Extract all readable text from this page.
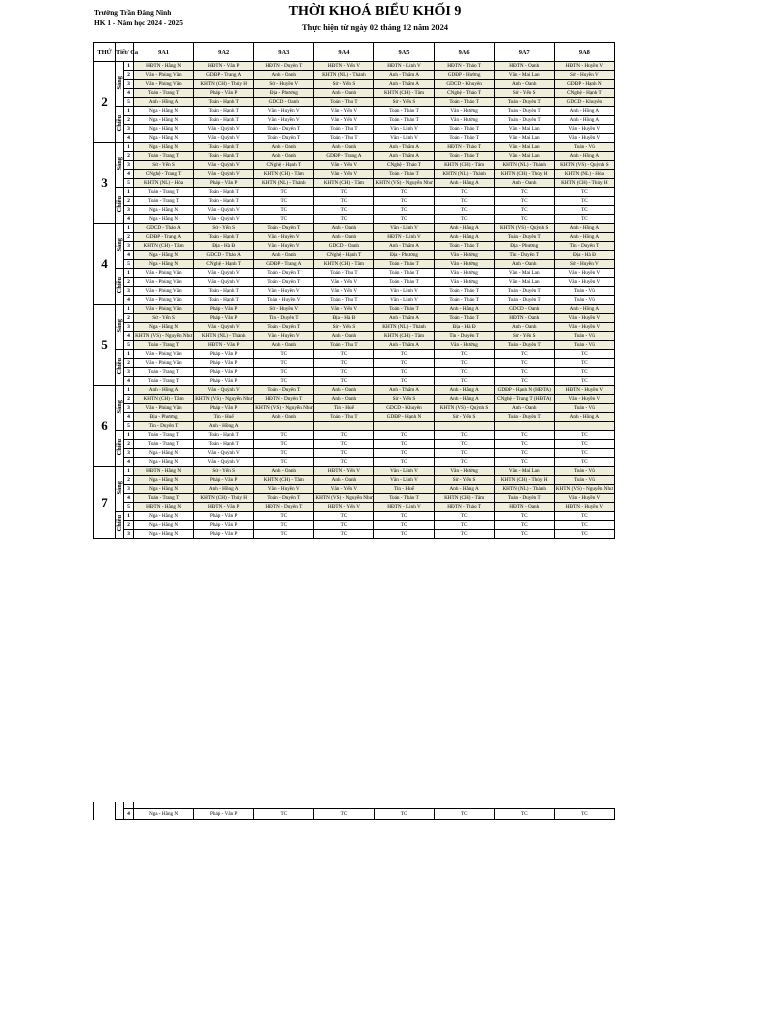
Trường Trần Đăng Ninh
HK 1 - Năm học 2024 - 2025
THỜI KHOÁ BIỂU KHỐI 9
Thực hiện từ ngày 02 tháng 12 năm 2024
THỨ	Tiết/ Ca		9A1	9A2	9A3	9A4	9A5	9A6	9A7	9A8
2	Sáng	1	HĐTN - Hằng N	HĐTN - Văn P	HĐTN - Duyên T	HĐTN - Yến V	HĐTN - Linh V	HĐTN - Thảo T	HĐTN - Oanh	HĐTN - Huyền V
		2	Văn - Phùng Vân	GDĐP - Trang A	Anh - Oanh	KHTN (NL) - Thành	Anh - Thắm A	GDĐP - Hường	Văn - Mai Lan	Sử - Huyền V
		3	Văn - Phùng Vân	KHTN (CH) - Thủy H	Sử - Huyền V	Sử - Yến S	Anh - Thắm A	GDCD - Khuyên	Anh - Oanh	GDĐP - Hạnh N
		4	Toán - Trang T	Pháp - Văn P	Địa - Phương	Anh - Oanh	KHTN (CH) - Tâm	CNghệ - Thảo T	Sử - Yến S	CNghệ - Hạnh T
		5	Anh - Hồng A	Toán - Hạnh T	GDCD - Oanh	Toán - Thu T	Sử - Yến S	Toán - Thảo T	Toán - Duyên T	GDCD - Khuyên
	Chiều	1	Nga - Hằng N	Toán - Hạnh T	Văn - Huyền V	Văn - Yến V	Toán - Thảo T	Văn - Hường	Toán - Duyên T	Anh - Hồng A
		2	Nga - Hằng N	Toán - Hạnh T	Văn - Huyền V	Văn - Yến V	Toán - Thảo T	Văn - Hường	Toán - Duyên T	Anh - Hồng A
		3	Nga - Hằng N	Văn - Quỳnh V	Toán - Duyên T	Toán - Thu T	Văn - Linh V	Toán - Thảo T	Văn - Mai Lan	Văn - Huyền V
		4	Nga - Hằng N	Văn - Quỳnh V	Toán - Duyên T	Toán - Thu T	Văn - Linh V	Toán - Thảo T	Văn - Mai Lan	Văn - Huyền V
3	Sáng	1	Nga - Hằng N	Toán - Hạnh T	Anh - Oanh	Anh - Oanh	Anh - Thắm A	HĐTN - Thảo T	Văn - Mai Lan	Toán - Vũ
		2	Toán - Trang T	Toán - Hạnh T	Anh - Oanh	GDĐP - Trang A	Anh - Thắm A	Toán - Thảo T	Văn - Mai Lan	Anh - Hồng A
		3	Sử - Yến S	Văn - Quỳnh V	CNghệ - Hạnh T	Văn - Yến V	CNghệ - Thảo T	KHTN (CH) - Tâm	KHTN (NL) - Thành	KHTN (VS) - Quỳnh S
		4	CNghệ - Trang T	Văn - Quỳnh V	KHTN (CH) - Tâm	Văn - Yến V	Toán - Thảo T	KHTN (NL) - Thành	KHTN (CH) - Thủy H	KHTN (NL) - Hòa
		5	KHTN (NL) - Hòa	Pháp - Văn P	KHTN (NL) - Thành	KHTN (CH) - Tâm	KHTN (VS) - Nguyễn Như	Anh - Hằng A	Anh - Oanh	KHTN (CH) - Thủy H
	Chiều	1	Toán - Trang T	Toán - Hạnh T	TC	TC	TC	TC	TC	TC
		2	Toán - Trang T	Toán - Hạnh T	TC	TC	TC	TC	TC	TC
		3	Nga - Hằng N	Văn - Quỳnh V	TC	TC	TC	TC	TC	TC
		4	Nga - Hằng N	Văn - Quỳnh V	TC	TC	TC	TC	TC	TC
4	Sáng	1	GDCD - Thảo A	Sử - Yến S	Toán - Duyên T	Anh - Oanh	Văn - Linh V	Anh - Hằng A	KHTN (VS) - Quỳnh S	Anh - Hồng A
		2	GDĐP - Trang A	Toán - Hạnh T	Văn - Huyền V	Anh - Oanh	HĐTN - Linh V	Anh - Hằng A	Toán - Duyên T	Anh - Hồng A
		3	KHTN (CH) - Tâm	Địa - Hà Đ	Văn - Huyền V	GDCD - Oanh	Anh - Thắm A	Toán - Thảo T	Địa - Phương	Tin - Duyên T
		4	Nga - Hằng N	GDCD - Thảo A	Anh - Oanh	CNghệ - Hạnh T	Địa - Phương	Văn - Hường	Tin - Duyên T	Địa - Hà Đ
		5	Nga - Hằng N	CNghệ - Hạnh T	GDĐP - Trang A	KHTN (CH) - Tâm	Toán - Thảo T	Văn - Hường	Anh - Oanh	Sử - Huyền V
	Chiều	1	Văn - Phùng Vân	Văn - Quỳnh V	Toán - Duyên T	Toán - Thu T	Toán - Thảo T	Văn - Hường	Văn - Mai Lan	Văn - Huyền V
		2	Văn - Phùng Vân	Văn - Quỳnh V	Toán - Duyên T	Văn - Yến V	Toán - Thảo T	Văn - Hường	Văn - Mai Lan	Văn - Huyền V
		3	Văn - Phùng Vân	Toán - Hạnh T	Văn - Huyền V	Văn - Yến V	Văn - Linh V	Toán - Thảo T	Toán - Duyên T	Toán - Vũ
		4	Văn - Phùng Vân	Toán - Hạnh T	Toán - Huyền V	Toán - Thu T	Văn - Linh V	Toán - Thảo T	Toán - Duyên T	Toán - Vũ
5	Sáng	1	Văn - Phùng Vân	Pháp - Văn P	Sử - Huyền V	Văn - Yến V	Toán - Thảo T	Anh - Hằng A	GDCD - Oanh	Anh - Hồng A
		2	Sử - Yến S	Pháp - Văn P	Tin - Duyên T	Địa - Hà Đ	Anh - Thắm A	Toán - Thảo T	HĐTN - Oanh	Văn - Huyền V
		3	Nga - Hằng N	Văn - Quỳnh V	Toán - Duyên T	Sử - Yến S	KHTN (NL) - Thành	Địa - Hà Đ	Anh - Oanh	Văn - Huyền V
		4	KHTN (VS) - Nguyễn Như	KHTN (NL) - Thành	Văn - Huyền V	Anh - Oanh	KHTN (CH) - Tâm	Tin - Duyên T	Sử - Yến S	Toán - Vũ
		5	Toán - Trang T	HĐTN - Văn P	Anh - Oanh	Toán - Thu T	Anh - Thắm A	Văn - Hường	Toán - Duyên T	Toán - Vũ
	Chiều	1	Văn - Phùng Vân	Pháp - Văn P	TC	TC	TC	TC	TC	TC
		2	Văn - Phùng Vân	Pháp - Văn P	TC	TC	TC	TC	TC	TC
		3	Toán - Trang T	Pháp - Văn P	TC	TC	TC	TC	TC	TC
		4	Toán - Trang T	Pháp - Văn P	TC	TC	TC	TC	TC	TC
6	Sáng	1	Anh - Hồng A	Văn - Quỳnh V	Toán - Duyên T	Anh - Oanh	Anh - Thắm A	Anh - Hằng A	GDĐP - Hạnh N (HĐTA)	HĐTN - Huyền V
		2	KHTN (CH) - Tâm	KHTN (VS) - Nguyễn Như	HĐTN - Duyên T	Anh - Oanh	Sử - Yến S	Anh - Hằng A	CNghệ - Trang T (HĐTA)	Văn - Huyền V
		3	Văn - Phùng Vân	Pháp - Văn P	KHTN (VS) - Nguyễn Như	Tin - Huế	GDCD - Khuyên	KHTN (VS) - Quỳnh S	Anh - Oanh	Toán - Vũ
		4	Địa - Phương	Tin - Huế	Anh - Oanh	Toán - Thu T	GDĐP - Hạnh N	Sử - Yến S	Toán - Duyên T	Anh - Hồng A
		5	Tin - Duyên T	Anh - Hồng A						
	Chiều	1	Toán - Trang T	Toán - Hạnh T	TC	TC	TC	TC	TC	TC
		2	Toán - Trang T	Toán - Hạnh T	TC	TC	TC	TC	TC	TC
		3	Nga - Hằng N	Văn - Quỳnh V	TC	TC	TC	TC	TC	TC
		4	Nga - Hằng N	Văn - Quỳnh V	TC	TC	TC	TC	TC	TC
7	Sáng	1	HĐTN - Hằng N	Sử - Yến S	Anh - Oanh	HĐTN - Yến V	Văn - Linh V	Văn - Hường	Văn - Mai Lan	Toán - Vũ
		2	Nga - Hằng N	Pháp - Văn P	KHTN (CH) - Tâm	Anh - Oanh	Văn - Linh V	Sử - Yến S	KHTN (CH) - Thủy H	Toán - Vũ
		3	Nga - Hằng N	Anh - Hồng A	Văn - Huyền V	Văn - Yến V	Tin - Huế	Anh - Hằng A	KHTN (NL) - Thành	KHTN (VS) - Nguyễn Như
		4	Toán - Trang T	KHTN (CH) - Thủy H	Toán - Duyên T	KHTN (VS) - Nguyễn Như	Toán - Thảo T	KHTN (CH) - Tâm	Toán - Duyên T	Văn - Huyền V
		5	HĐTN - Hằng N	HĐTN - Văn P	HĐTN - Duyên T	HĐTN - Yến V	HĐTN - Linh V	HĐTN - Thảo T	HĐTN - Oanh	HĐTN - Huyền V
	Chiều	1	Nga - Hằng N	Pháp - Văn P	TC	TC	TC	TC	TC	TC
		2	Nga - Hằng N	Pháp - Văn P	TC	TC	TC	TC	TC	TC
		3	Nga - Hằng N	Pháp - Văn P	TC	TC	TC	TC	TC	TC

		4	Nga - Hằng N	Pháp - Văn P	TC	TC	TC	TC	TC	TC
